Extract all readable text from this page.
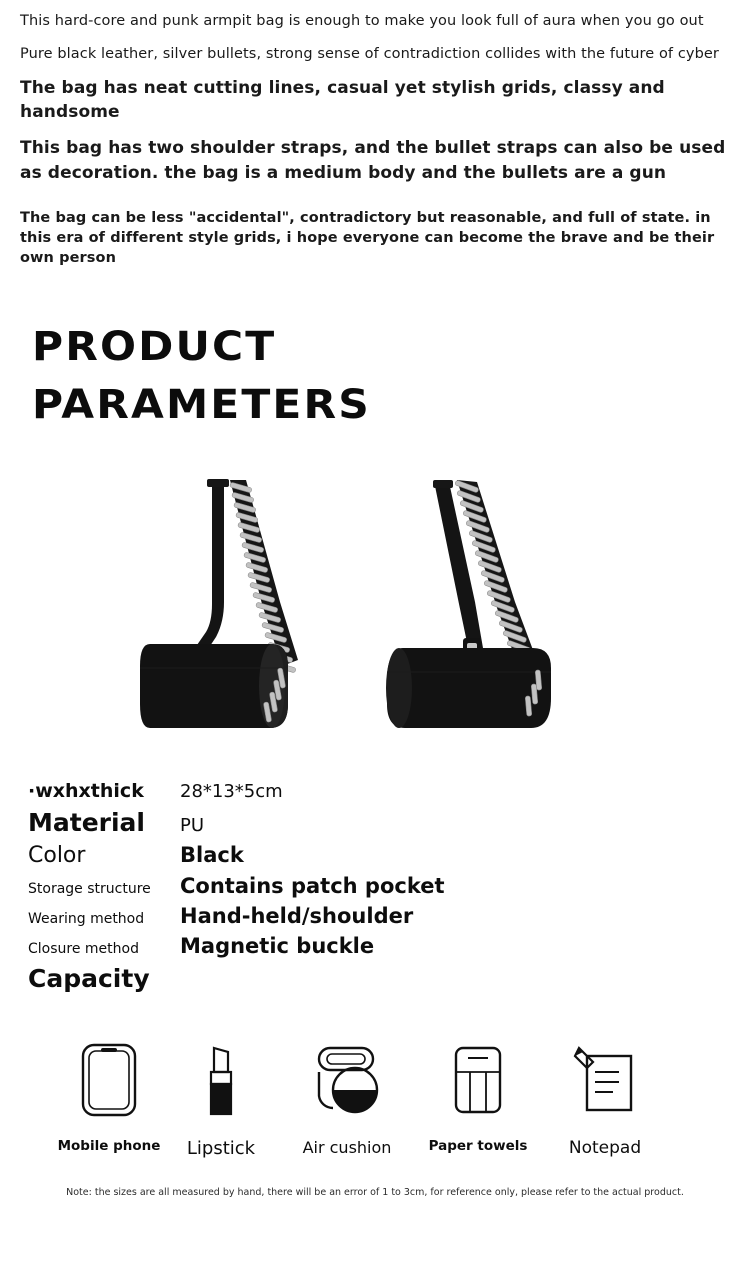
This hard-core and punk armpit bag is enough to make you look full of aura when you go out
Pure black leather, silver bullets, strong sense of contradiction collides with the future of cyber
The bag has neat cutting lines, casual yet stylish grids, classy and handsome
This bag has two shoulder straps, and the bullet straps can also be used as decoration. the bag is a medium body and the bullets are a gun
The bag can be less "accidental", contradictory but reasonable, and full of state. in this era of different style grids, i hope everyone can become the brave and be their own person
PRODUCT
PARAMETERS
·wxhxthick	28*13*5cm
Material	PU
Color	Black
Storage structure	Contains patch pocket
Wearing method	Hand-held/shoulder
Closure method	Magnetic buckle
Capacity
Mobile phone	Lipstick	Air cushion	Paper towels	Notepad
Note: the sizes are all measured by hand, there will be an error of 1 to 3cm, for reference only, please refer to the actual product.
